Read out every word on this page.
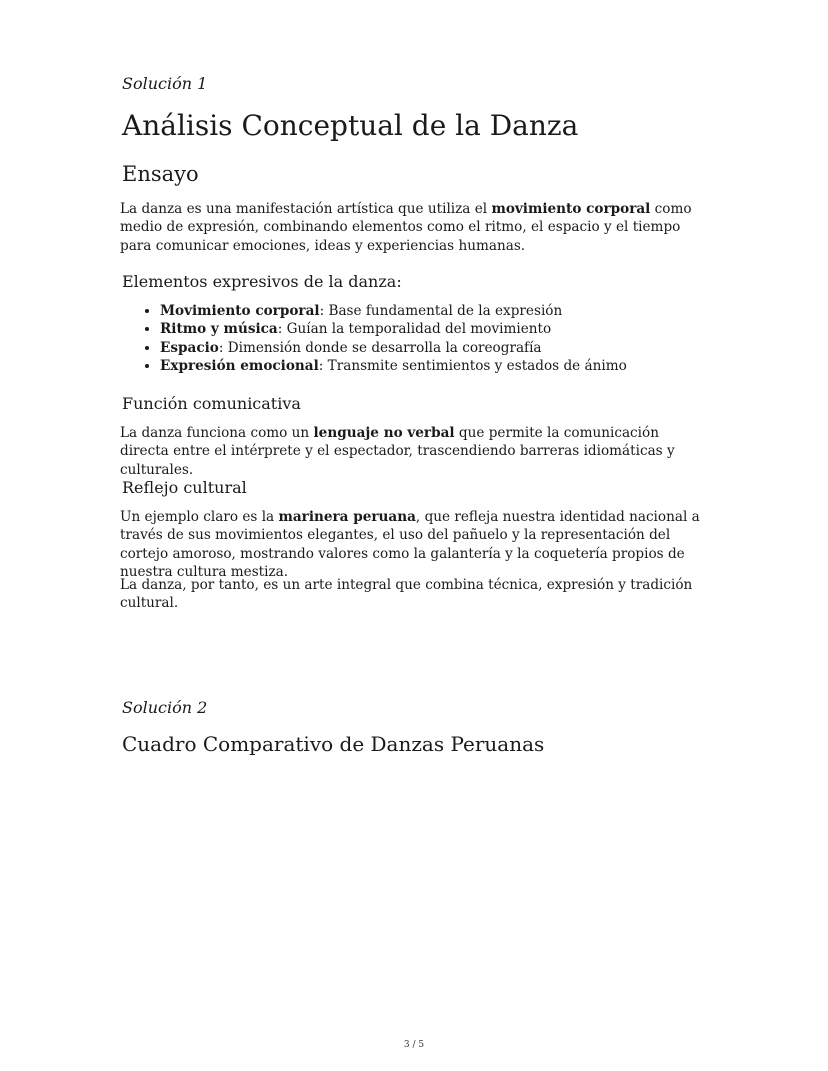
Solución 1
Análisis Conceptual de la Danza
Ensayo

La danza es una manifestación artística que utiliza el movimiento corporal como medio de expresión, combinando elementos como el ritmo, el espacio y el tiempo para comunicar emociones, ideas y experiencias humanas.

Elementos expresivos de la danza:
• Movimiento corporal: Base fundamental de la expresión
• Ritmo y música: Guían la temporalidad del movimiento
• Espacio: Dimensión donde se desarrolla la coreografía
• Expresión emocional: Transmite sentimientos y estados de ánimo
Función comunicativa

La danza funciona como un lenguaje no verbal que permite la comunicación directa entre el intérprete y el espectador, trascendiendo barreras idiomáticas y culturales.

Reflejo cultural

Un ejemplo claro es la marinera peruana, que refleja nuestra identidad nacional a través de sus movimientos elegantes, el uso del pañuelo y la representación del cortejo amoroso, mostrando valores como la galantería y la coquetería propios de nuestra cultura mestiza.

La danza, por tanto, es un arte integral que combina técnica, expresión y tradición cultural.

Solución 2
Cuadro Comparativo de Danzas Peruanas
3 / 5
